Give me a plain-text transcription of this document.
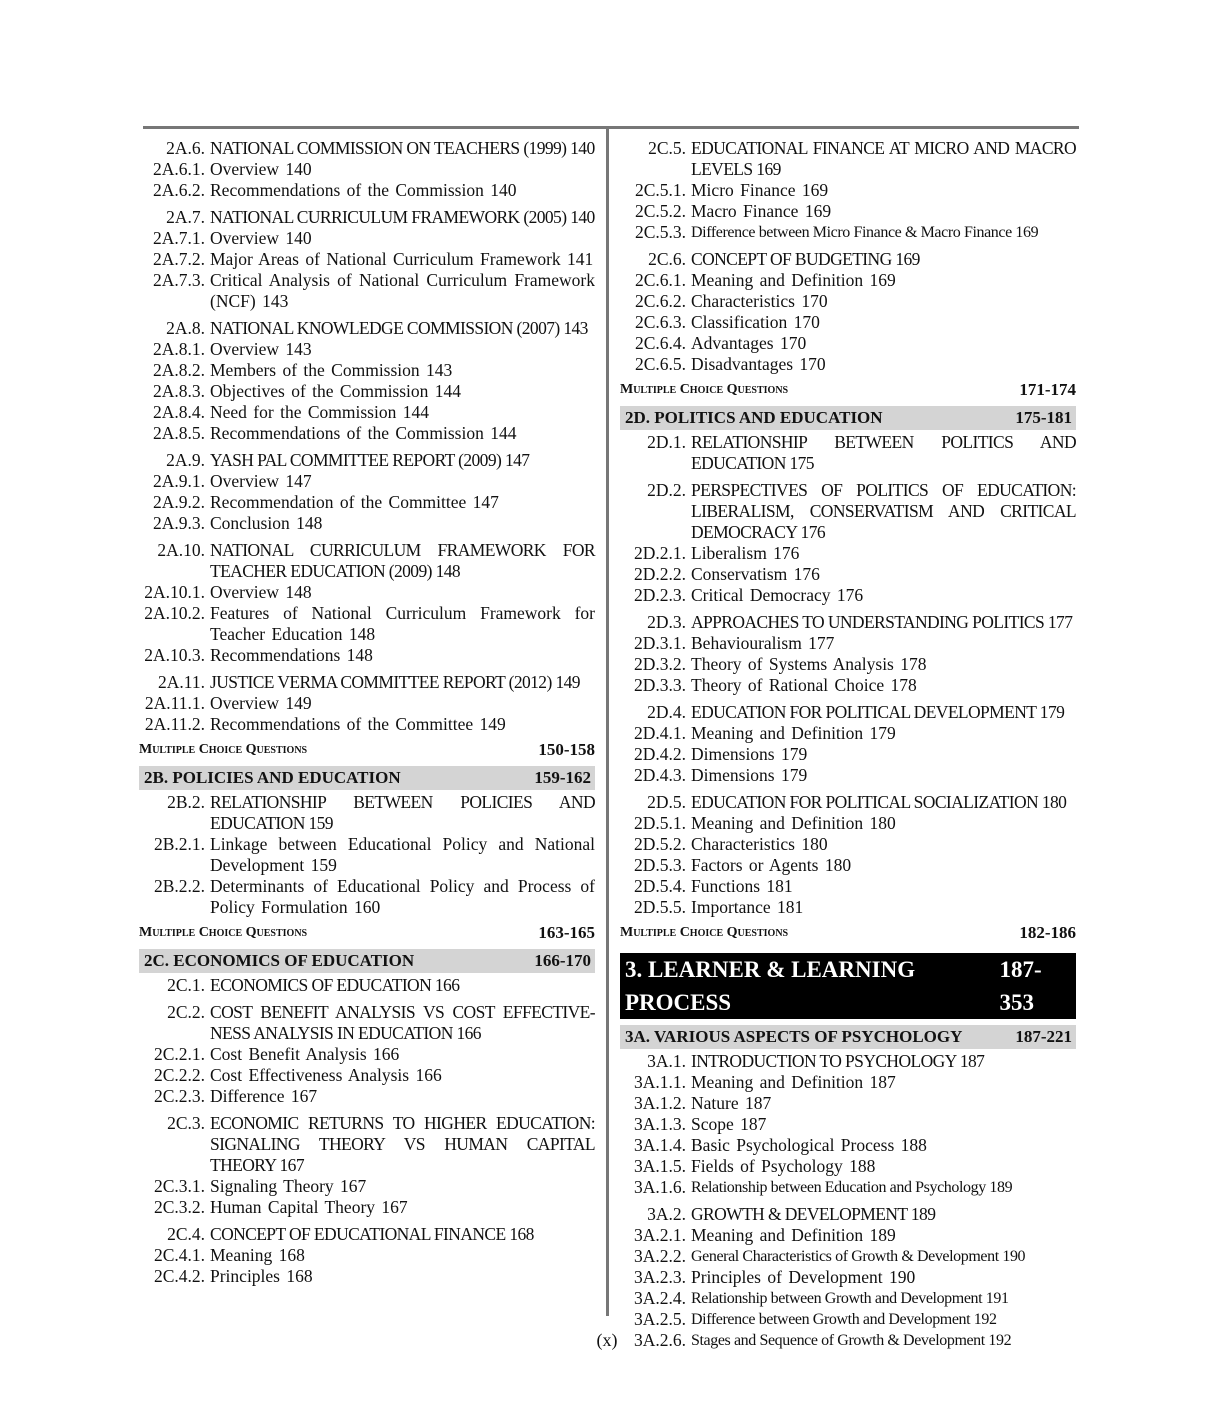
2A.6. NATIONAL COMMISSION ON TEACHERS (1999) 140
2A.6.1. Overview 140
2A.6.2. Recommendations of the Commission 140
2A.7. NATIONAL CURRICULUM FRAMEWORK (2005) 140
2A.7.1. Overview 140
2A.7.2. Major Areas of National Curriculum Framework 141
2A.7.3. Critical Analysis of National Curriculum Framework (NCF) 143
2A.8. NATIONAL KNOWLEDGE COMMISSION (2007) 143
2A.8.1. Overview 143
2A.8.2. Members of the Commission 143
2A.8.3. Objectives of the Commission 144
2A.8.4. Need for the Commission 144
2A.8.5. Recommendations of the Commission 144
2A.9. YASH PAL COMMITTEE REPORT (2009) 147
2A.9.1. Overview 147
2A.9.2. Recommendation of the Committee 147
2A.9.3. Conclusion 148
2A.10. NATIONAL CURRICULUM FRAMEWORK FOR TEACHER EDUCATION (2009) 148
2A.10.1. Overview 148
2A.10.2. Features of National Curriculum Framework for Teacher Education 148
2A.10.3. Recommendations 148
2A.11. JUSTICE VERMA COMMITTEE REPORT (2012) 149
2A.11.1. Overview 149
2A.11.2. Recommendations of the Committee 149
Multiple Choice Questions	150-158
2B. POLICIES AND EDUCATION	159-162
2B.2. RELATIONSHIP BETWEEN POLICIES AND EDUCATION 159
2B.2.1. Linkage between Educational Policy and National Development 159
2B.2.2. Determinants of Educational Policy and Process of Policy Formulation 160
Multiple Choice Questions	163-165
2C. ECONOMICS OF EDUCATION	166-170
2C.1. ECONOMICS OF EDUCATION 166
2C.2. COST BENEFIT ANALYSIS VS COST EFFECTIVE-NESS ANALYSIS IN EDUCATION 166
2C.2.1. Cost Benefit Analysis 166
2C.2.2. Cost Effectiveness Analysis 166
2C.2.3. Difference 167
2C.3. ECONOMIC RETURNS TO HIGHER EDUCATION: SIGNALING THEORY VS HUMAN CAPITAL THEORY 167
2C.3.1. Signaling Theory 167
2C.3.2. Human Capital Theory 167
2C.4. CONCEPT OF EDUCATIONAL FINANCE 168
2C.4.1. Meaning 168
2C.4.2. Principles 168
2C.5. EDUCATIONAL FINANCE AT MICRO AND MACRO LEVELS 169
2C.5.1. Micro Finance 169
2C.5.2. Macro Finance 169
2C.5.3. Difference between Micro Finance & Macro Finance 169
2C.6. CONCEPT OF BUDGETING 169
2C.6.1. Meaning and Definition 169
2C.6.2. Characteristics 170
2C.6.3. Classification 170
2C.6.4. Advantages 170
2C.6.5. Disadvantages 170
Multiple Choice Questions	171-174
2D. POLITICS AND EDUCATION	175-181
2D.1. RELATIONSHIP BETWEEN POLITICS AND EDUCATION 175
2D.2. PERSPECTIVES OF POLITICS OF EDUCATION: LIBERALISM, CONSERVATISM AND CRITICAL DEMOCRACY 176
2D.2.1. Liberalism 176
2D.2.2. Conservatism 176
2D.2.3. Critical Democracy 176
2D.3. APPROACHES TO UNDERSTANDING POLITICS 177
2D.3.1. Behaviouralism 177
2D.3.2. Theory of Systems Analysis 178
2D.3.3. Theory of Rational Choice 178
2D.4. EDUCATION FOR POLITICAL DEVELOPMENT 179
2D.4.1. Meaning and Definition 179
2D.4.2. Dimensions 179
2D.4.3. Dimensions 179
2D.5. EDUCATION FOR POLITICAL SOCIALIZATION 180
2D.5.1. Meaning and Definition 180
2D.5.2. Characteristics 180
2D.5.3. Factors or Agents 180
2D.5.4. Functions 181
2D.5.5. Importance 181
Multiple Choice Questions	182-186
3. LEARNER & LEARNING PROCESS
187-353
3A. VARIOUS ASPECTS OF PSYCHOLOGY	187-221
3A.1. INTRODUCTION TO PSYCHOLOGY 187
3A.1.1. Meaning and Definition 187
3A.1.2. Nature 187
3A.1.3. Scope 187
3A.1.4. Basic Psychological Process 188
3A.1.5. Fields of Psychology 188
3A.1.6. Relationship between Education and Psychology 189
3A.2. GROWTH & DEVELOPMENT 189
3A.2.1. Meaning and Definition 189
3A.2.2. General Characteristics of Growth & Development 190
3A.2.3. Principles of Development 190
3A.2.4. Relationship between Growth and Development 191
3A.2.5. Difference between Growth and Development 192
3A.2.6. Stages and Sequence of Growth & Development 192
(x)
